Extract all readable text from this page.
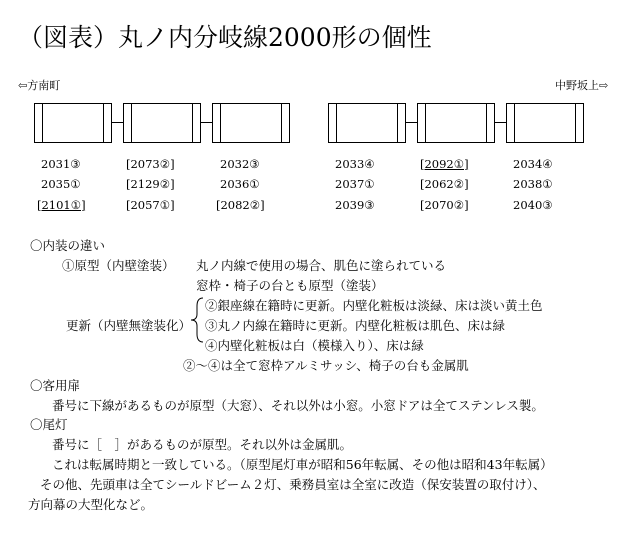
（図表）丸ノ内分岐線2000形の個性
⇦方南町	中野坂上⇨
2031③
2035①
[2101①]
[2073②]
[2129②]
[2057①]
2032③
2036①
[2082②]
2033④
2037①
2039③
[2092①]
[2062②]
[2070②]
2034④
2038①
2040③
〇内装の違い
①原型（内壁塗装） 丸ノ内線で使用の場合、肌色に塗られている
窓枠・椅子の台とも原型（塗装）
②銀座線在籍時に更新。内壁化粧板は淡緑、床は淡い黄土色
更新（内壁無塗装化） ③丸ノ内線在籍時に更新。内壁化粧板は肌色、床は緑
④内壁化粧板は白（模様入り）、床は緑
②〜④は全て窓枠アルミサッシ、椅子の台も金属肌
〇客用扉
番号に下線があるものが原型（大窓）、それ以外は小窓。小窓ドアは全てステンレス製。
〇尾灯
番号に［　］があるものが原型。それ以外は金属肌。
これは転属時期と一致している。（原型尾灯車が昭和56年転属、その他は昭和43年転属）
その他、先頭車は全てシールドビーム２灯、乗務員室は全室に改造（保安装置の取付け）、
方向幕の大型化など。
